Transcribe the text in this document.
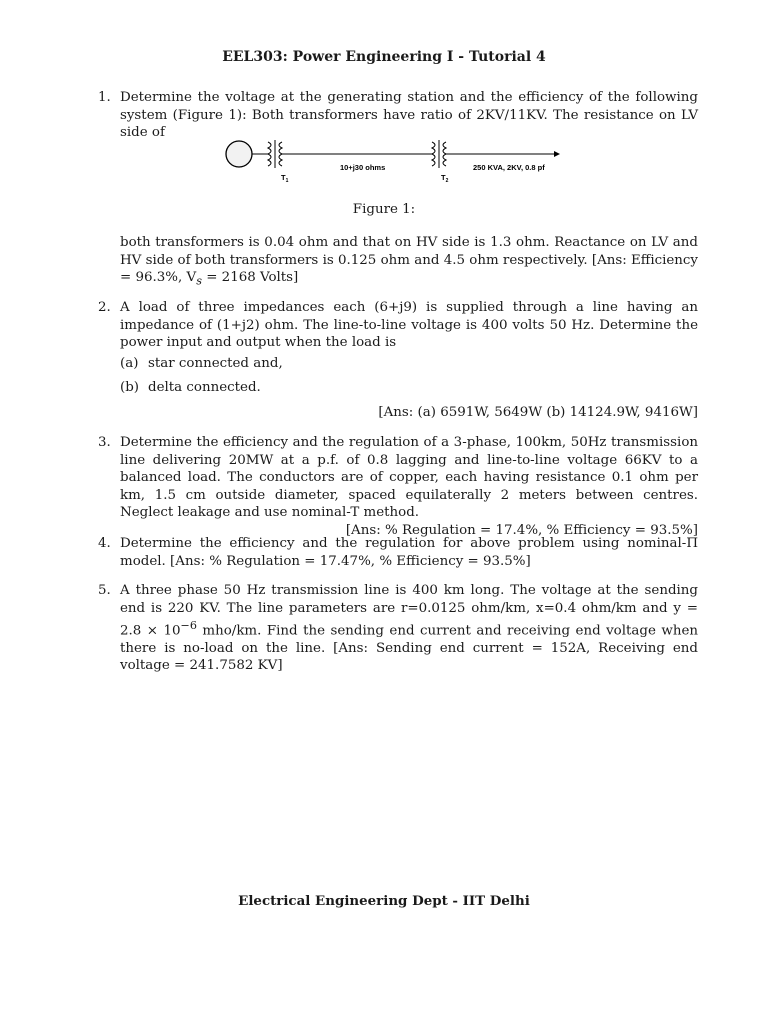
EEL303: Power Engineering I - Tutorial 4
1. Determine the voltage at the generating station and the efficiency of the following system (Figure 1): Both transformers have ratio of 2KV/11KV. The resistance on LV side of
10+j30 ohms	250 KVA, 2KV, 0.8 pf
$T_1$	$T_2$
Figure 1:
both transformers is 0.04 ohm and that on HV side is 1.3 ohm. Reactance on LV and HV side of both transformers is 0.125 ohm and 4.5 ohm respectively. [Ans: Efficiency = 96.3%, $V_s = 2168$ Volts]
2. A load of three impedances each (6+j9) is supplied through a line having an impedance of (1+j2) ohm. The line-to-line voltage is 400 volts 50 Hz. Determine the power input and output when the load is
(a) star connected and,
(b) delta connected.
[Ans: (a) 6591W, 5649W (b) 14124.9W, 9416W]
3. Determine the efficiency and the regulation of a 3-phase, 100km, 50Hz transmission line delivering 20MW at a p.f. of 0.8 lagging and line-to-line voltage 66KV to a balanced load. The conductors are of copper, each having resistance 0.1 ohm per km, 1.5 cm outside diameter, spaced equilaterally 2 meters between centres. Neglect leakage and use nominal-T method.
[Ans: % Regulation = 17.4%, % Efficiency = 93.5%]
4. Determine the efficiency and the regulation for above problem using nominal-Π model. [Ans: % Regulation = 17.47%, % Efficiency = 93.5%]
5. A three phase 50 Hz transmission line is 400 km long. The voltage at the sending end is 220 KV. The line parameters are r=0.0125 ohm/km, x=0.4 ohm/km and $y = 2.8 \times 10^{-6}$ mho/km. Find the sending end current and receiving end voltage when there is no-load on the line. [Ans: Sending end current = 152A, Receiving end voltage = 241.7582 KV]
Electrical Engineering Dept - IIT Delhi
